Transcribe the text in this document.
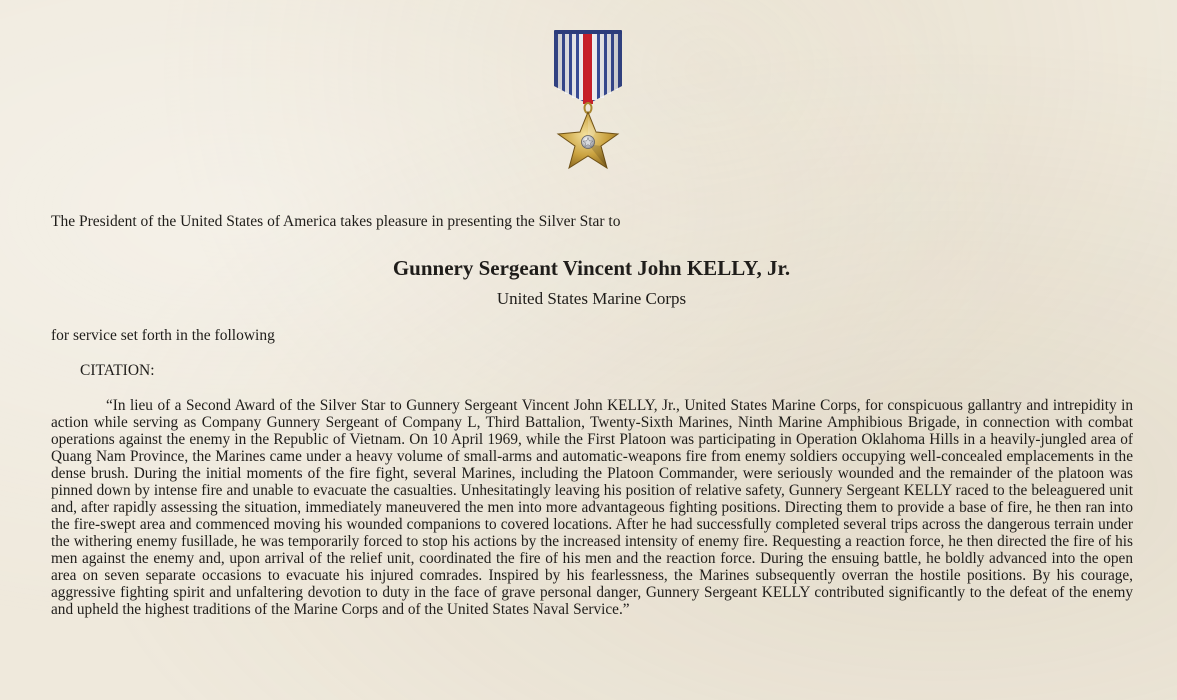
The President of the United States of America takes pleasure in presenting the Silver Star to
Gunnery Sergeant Vincent John KELLY, Jr.
United States Marine Corps
for service set forth in the following
CITATION:

“In lieu of a Second Award of the Silver Star to Gunnery Sergeant Vincent John KELLY, Jr., United States Marine Corps, for conspicuous gallantry and intrepidity in action while serving as Company Gunnery Sergeant of Company L, Third Battalion, Twenty-Sixth Marines, Ninth Marine Amphibious Brigade, in connection with combat operations against the enemy in the Republic of Vietnam. On 10 April 1969, while the First Platoon was participating in Operation Oklahoma Hills in a heavily-jungled area of Quang Nam Province, the Marines came under a heavy volume of small-arms and automatic-weapons fire from enemy soldiers occupying well-concealed emplacements in the dense brush. During the initial moments of the fire fight, several Marines, including the Platoon Commander, were seriously wounded and the remainder of the platoon was pinned down by intense fire and unable to evacuate the casualties. Unhesitatingly leaving his position of relative safety, Gunnery Sergeant KELLY raced to the beleaguered unit and, after rapidly assessing the situation, immediately maneuvered the men into more advantageous fighting positions. Directing them to provide a base of fire, he then ran into the fire-swept area and commenced moving his wounded companions to covered locations. After he had successfully completed several trips across the dangerous terrain under the withering enemy fusillade, he was temporarily forced to stop his actions by the increased intensity of enemy fire. Requesting a reaction force, he then directed the fire of his men against the enemy and, upon arrival of the relief unit, coordinated the fire of his men and the reaction force. During the ensuing battle, he boldly advanced into the open area on seven separate occasions to evacuate his injured comrades. Inspired by his fearlessness, the Marines subsequently overran the hostile positions. By his courage, aggressive fighting spirit and unfaltering devotion to duty in the face of grave personal danger, Gunnery Sergeant KELLY contributed significantly to the defeat of the enemy and upheld the highest traditions of the Marine Corps and of the United States Naval Service.”
